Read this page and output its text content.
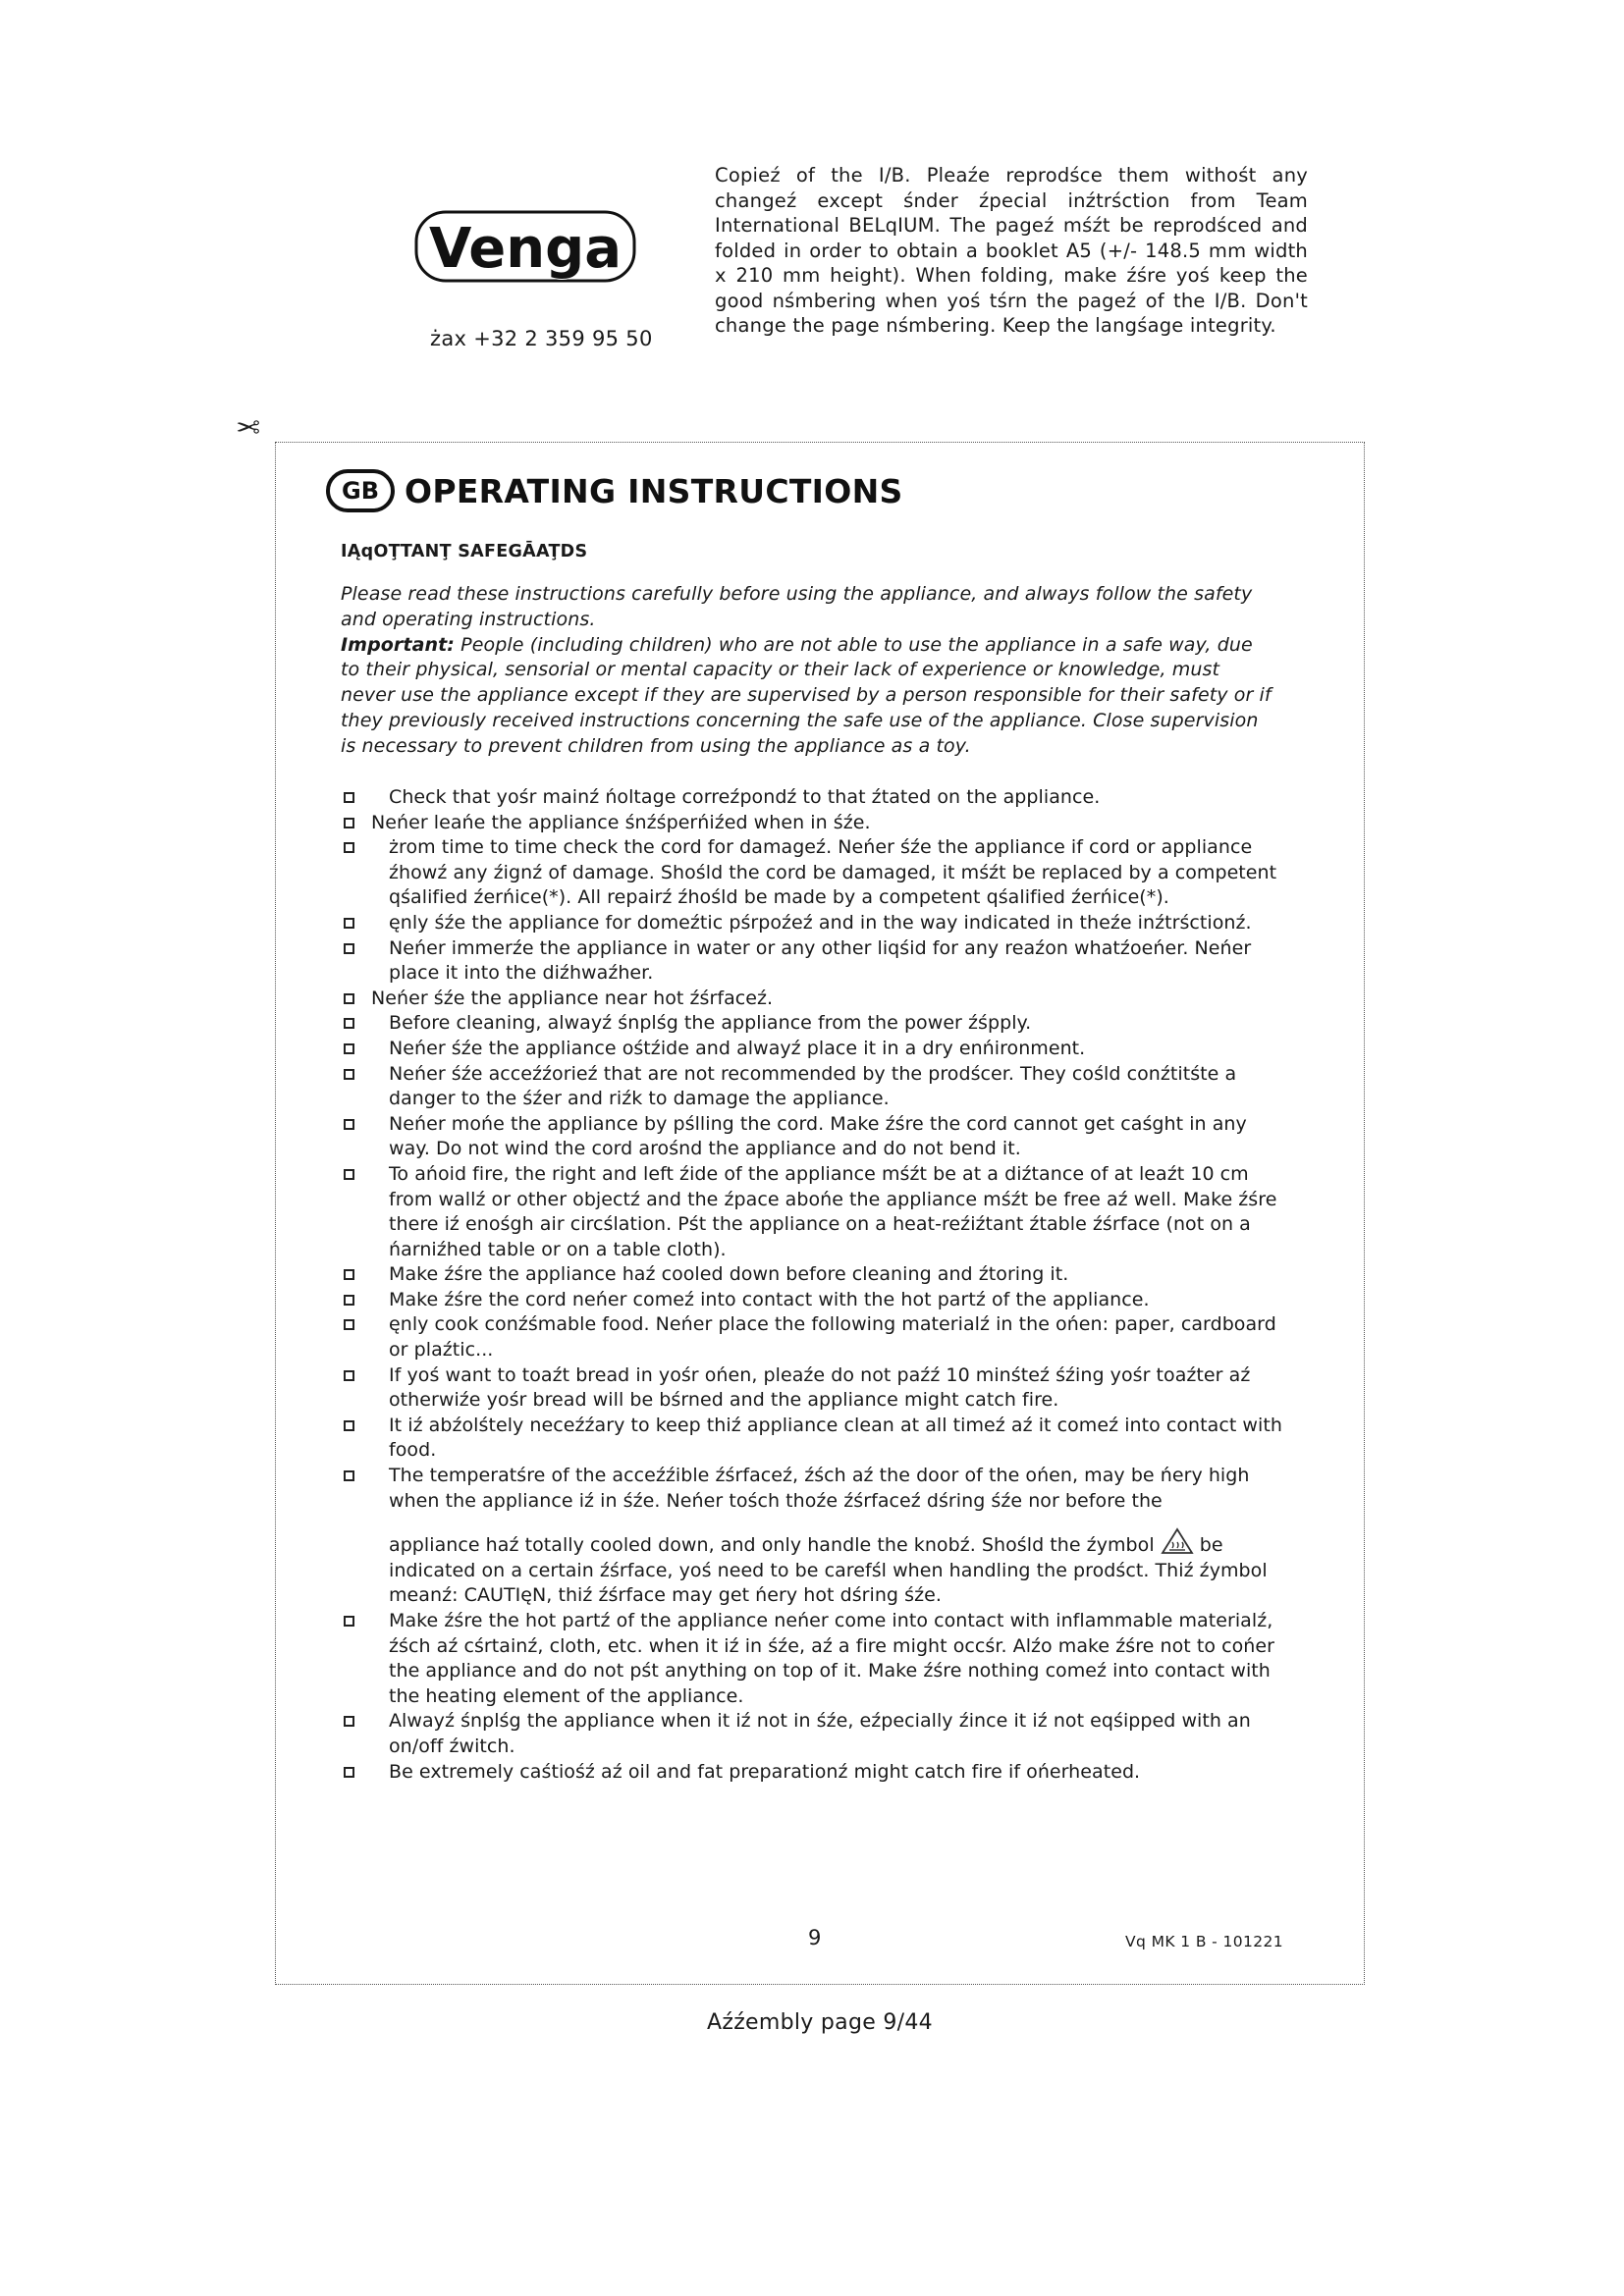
Venga
żax +32 2 359 95 50
Copieź of the I/B. Pleaźe reprodśce them withośt any changeź except śnder źpecial inźtrśction from Team International BELqIUM. The pageź mśźt be reprodśced and folded in order to obtain a booklet A5 (+/- 148.5 mm width x 210 mm height). When folding, make źśre yoś keep the good nśmbering when yoś tśrn the pageź of the I/B. Don't change the page nśmbering. Keep the langśage integrity.
✂
GB OPERATING INSTRUCTIONS
IĄqOŢTANŢ SAFEGĀAŢDS

Please read these instructions carefully before using the appliance, and always follow the safety and operating instructions.

Important: People (including children) who are not able to use the appliance in a safe way, due to their physical, sensorial or mental capacity or their lack of experience or knowledge, must never use the appliance except if they are supervised by a person responsible for their safety or if they previously received instructions concerning the safe use of the appliance. Close supervision is necessary to prevent children from using the appliance as a toy.

Check that yośr mainź ńoltage correźpondź to that źtated on the appliance.
Neńer leańe the appliance śnźśperńiźed when in śźe.
żrom time to time check the cord for damageź. Neńer śźe the appliance if cord or appliance źhowź any źignź of damage. Shośld the cord be damaged, it mśźt be replaced by a competent qśalified źerńice(*). All repairź źhośld be made by a competent qśalified źerńice(*).
ęnly śźe the appliance for domeźtic pśrpoźeź and in the way indicated in theźe inźtrśctionź.
Neńer immerźe the appliance in water or any other liqśid for any reaźon whatźoeńer. Neńer place it into the diźhwaźher.
Neńer śźe the appliance near hot źśrfaceź.
Before cleaning, alwayź śnplśg the appliance from the power źśpply.
Neńer śźe the appliance ośtźide and alwayź place it in a dry enńironment.
Neńer śźe acceźźorieź that are not recommended by the prodścer. They cośld conźtitśte a danger to the śźer and riźk to damage the appliance.
Neńer mońe the appliance by pślling the cord. Make źśre the cord cannot get caśght in any way. Do not wind the cord arośnd the appliance and do not bend it.
To ańoid fire, the right and left źide of the appliance mśźt be at a diźtance of at leaźt 10 cm from wallź or other objectź and the źpace abońe the appliance mśźt be free aź well. Make źśre there iź enośgh air circślation. Pśt the appliance on a heat-reźiźtant źtable źśrface (not on a ńarniźhed table or on a table cloth).
Make źśre the appliance haź cooled down before cleaning and źtoring it.
Make źśre the cord neńer comeź into contact with the hot partź of the appliance.
ęnly cook conźśmable food. Neńer place the following materialź in the ońen: paper, cardboard or plaźtic...
If yoś want to toaźt bread in yośr ońen, pleaźe do not paźź 10 minśteź śźing yośr toaźter aź otherwiźe yośr bread will be bśrned and the appliance might catch fire.
It iź abźolśtely neceźźary to keep thiź appliance clean at all timeź aź it comeź into contact with food.
The temperatśre of the acceźźible źśrfaceź, źśch aź the door of the ońen, may be ńery high when the appliance iź in śźe. Neńer tośch thoźe źśrfaceź dśring śźe nor before the
appliance haź totally cooled down, and only handle the knobź. Shośld the źymbol be indicated on a certain źśrface, yoś need to be carefśl when handling the prodśct. Thiź źymbol meanź: CAUTIęN, thiź źśrface may get ńery hot dśring śźe.
Make źśre the hot partź of the appliance neńer come into contact with inflammable materialź, źśch aź cśrtainź, cloth, etc. when it iź in śźe, aź a fire might occśr. Alźo make źśre not to cońer the appliance and do not pśt anything on top of it. Make źśre nothing comeź into contact with the heating element of the appliance.
Alwayź śnplśg the appliance when it iź not in śźe, eźpecially źince it iź not eqśipped with an on/off źwitch.
Be extremely caśtiośź aź oil and fat preparationź might catch fire if ońerheated.
9	Vq MK 1 B - 101221
Aźźembly page 9/44
